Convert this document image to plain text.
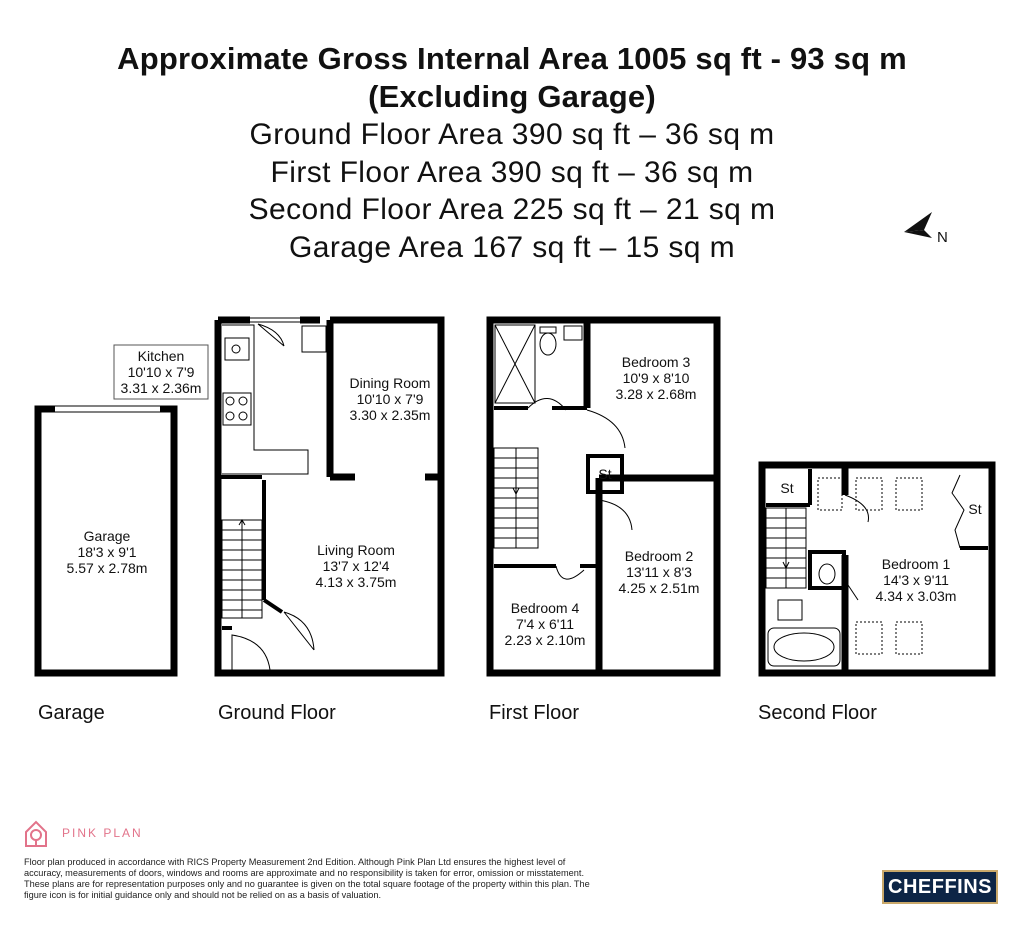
Approximate Gross Internal Area 1005 sq ft - 93 sq m
(Excluding Garage)
Ground Floor Area 390 sq ft – 36 sq m
First Floor Area 390 sq ft – 36 sq m
Second Floor Area 225 sq ft – 21 sq m
Garage Area 167 sq ft – 15 sq m	N
Kitchen
10'10 x 7'9
3.31 x 2.36m	Dining Room
10'10 x 7'9
3.30 x 2.35m
Living Room
13'7 x 12'4
4.13 x 3.75m
Garage
18'3 x 9'1
5.57 x 2.78m
Bedroom 3
10'9 x 8'10
3.28 x 2.68m
Bedroom 2
13'11 x 8'3
4.25 x 2.51m
Bedroom 4
7'4 x 6'11
2.23 x 2.10m
Bedroom 1
14'3 x 9'11
4.34 x 3.03m
St
St
St
Garage	Ground Floor	First Floor	Second Floor
PINK PLAN
Floor plan produced in accordance with RICS Property Measurement 2nd Edition. Although Pink Plan Ltd ensures the highest level of accuracy, measurements of doors, windows and rooms are approximate and no responsibility is taken for error, omission or misstatement. These plans are for representation purposes only and no guarantee is given on the total square footage of the property within this plan. The figure icon is for initial guidance only and should not be relied on as a basis of valuation.	CHEFFINS
